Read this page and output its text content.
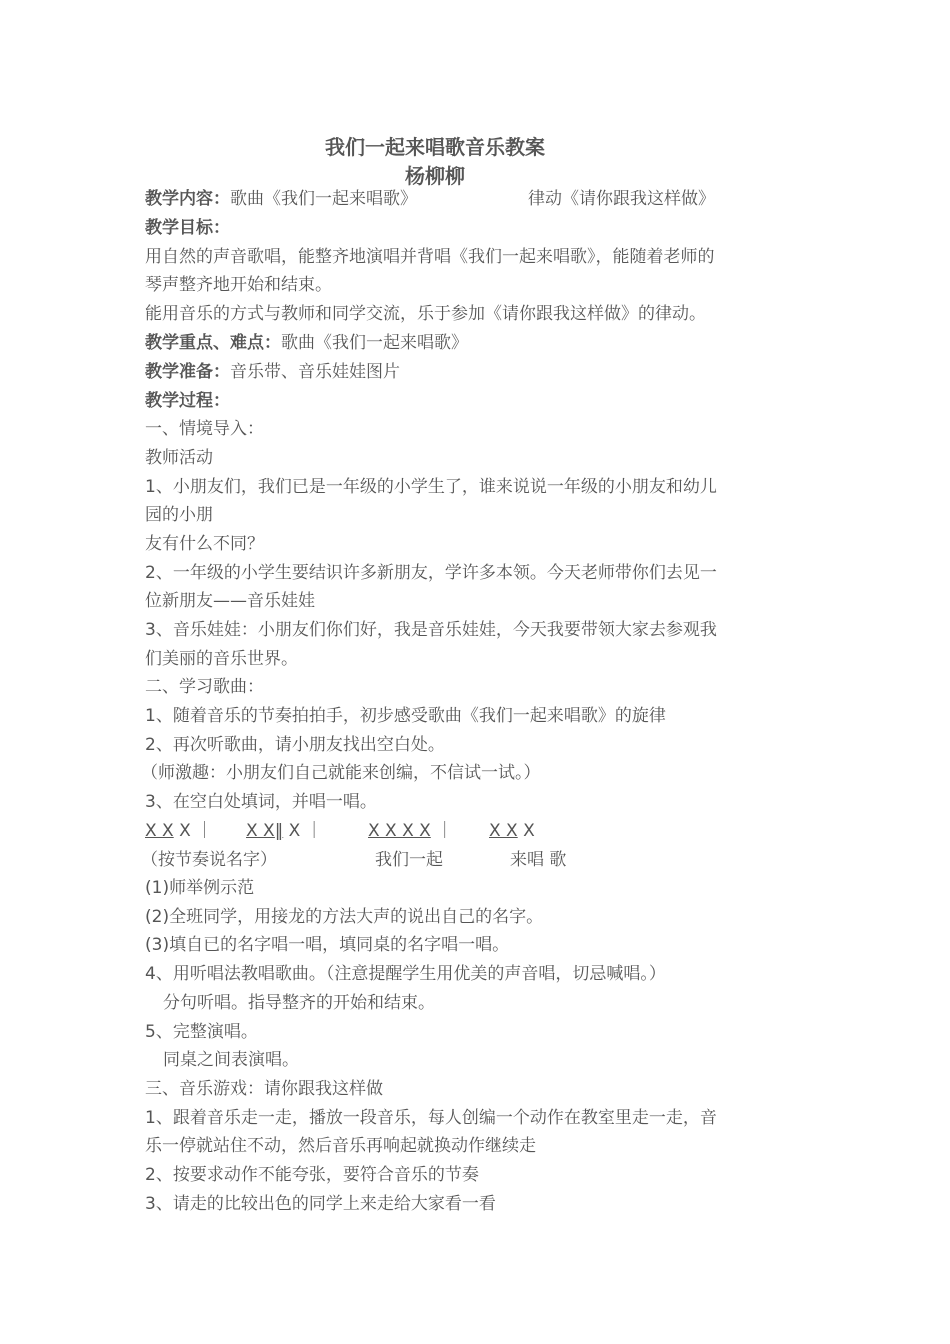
我们一起来唱歌音乐教案
杨柳柳
教学内容：歌曲《我们一起来唱歌》	律动《请你跟我这样做》
教学目标：
用自然的声音歌唱，能整齐地演唱并背唱《我们一起来唱歌》，能随着老师的
琴声整齐地开始和结束。
能用音乐的方式与教师和同学交流，乐于参加《请你跟我这样做》的律动。
教学重点、难点：歌曲《我们一起来唱歌》
教学准备：音乐带、音乐娃娃图片
教学过程：
一、情境导入：
教师活动
1、小朋友们，我们已是一年级的小学生了，谁来说说一年级的小朋友和幼儿
园的小朋
友有什么不同？
2、一年级的小学生要结识许多新朋友，学许多本领。今天老师带你们去见一
位新朋友——音乐娃娃
3、音乐娃娃：小朋友们你们好，我是音乐娃娃，今天我要带领大家去参观我
们美丽的音乐世界。
二、学习歌曲：
1、随着音乐的节奏拍拍手，初步感受歌曲《我们一起来唱歌》的旋律
2、再次听歌曲，请小朋友找出空白处。
（师激趣：小朋友们自己就能来创编，不信试一试。）
3、在空白处填词，并唱一唱。
X X X ｜ X X‖ X ｜	X X X X ｜ X X X
（按节奏说名字）	我们一起	来唱 歌
(1)师举例示范
(2)全班同学，用接龙的方法大声的说出自己的名字。
(3)填自已的名字唱一唱，填同桌的名字唱一唱。
4、用听唱法教唱歌曲。（注意提醒学生用优美的声音唱，切忌喊唱。）
分句听唱。指导整齐的开始和结束。
5、完整演唱。
同桌之间表演唱。
三、音乐游戏：请你跟我这样做
1、跟着音乐走一走，播放一段音乐，每人创编一个动作在教室里走一走，音
乐一停就站住不动，然后音乐再响起就换动作继续走
2、按要求动作不能夸张，要符合音乐的节奏
3、请走的比较出色的同学上来走给大家看一看
